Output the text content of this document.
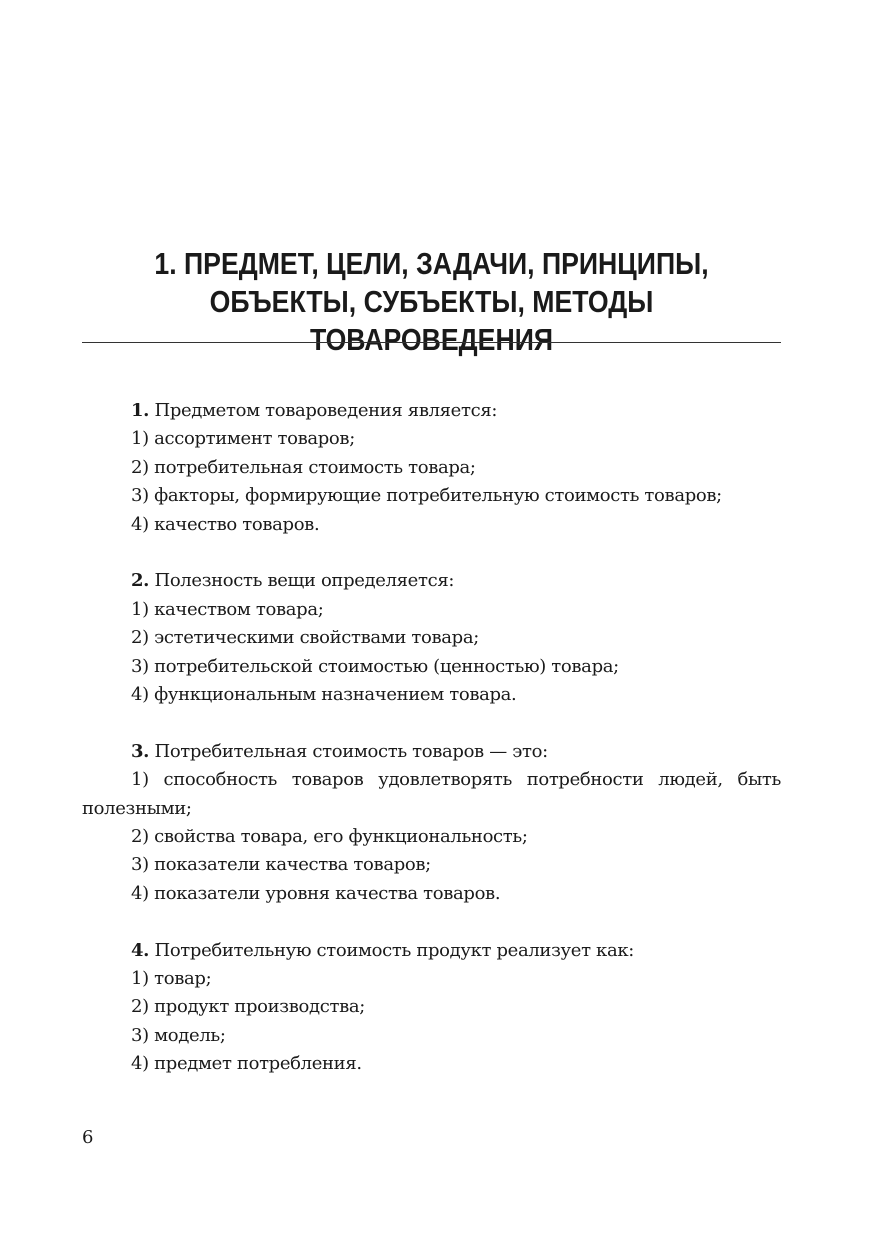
1. ПРЕДМЕТ, ЦЕЛИ, ЗАДАЧИ, ПРИНЦИПЫ,
ОБЪЕКТЫ, СУБЪЕКТЫ, МЕТОДЫ
ТОВАРОВЕДЕНИЯ

1. Предметом товароведения является:

1) ассортимент товаров;

2) потребительная стоимость товара;

3) факторы, формирующие потребительную стоимость товаров;

4) качество товаров.

2. Полезность вещи определяется:

1) качеством товара;

2) эстетическими свойствами товара;

3) потребительской стоимостью (ценностью) товара;

4) функциональным назначением товара.

3. Потребительная стоимость товаров — это:

1) способность товаров удовлетворять потребности людей, быть полезными;

2) свойства товара, его функциональность;

3) показатели качества товаров;

4) показатели уровня качества товаров.

4. Потребительную стоимость продукт реализует как:

1) товар;

2) продукт производства;

3) модель;

4) предмет потребления.

6
